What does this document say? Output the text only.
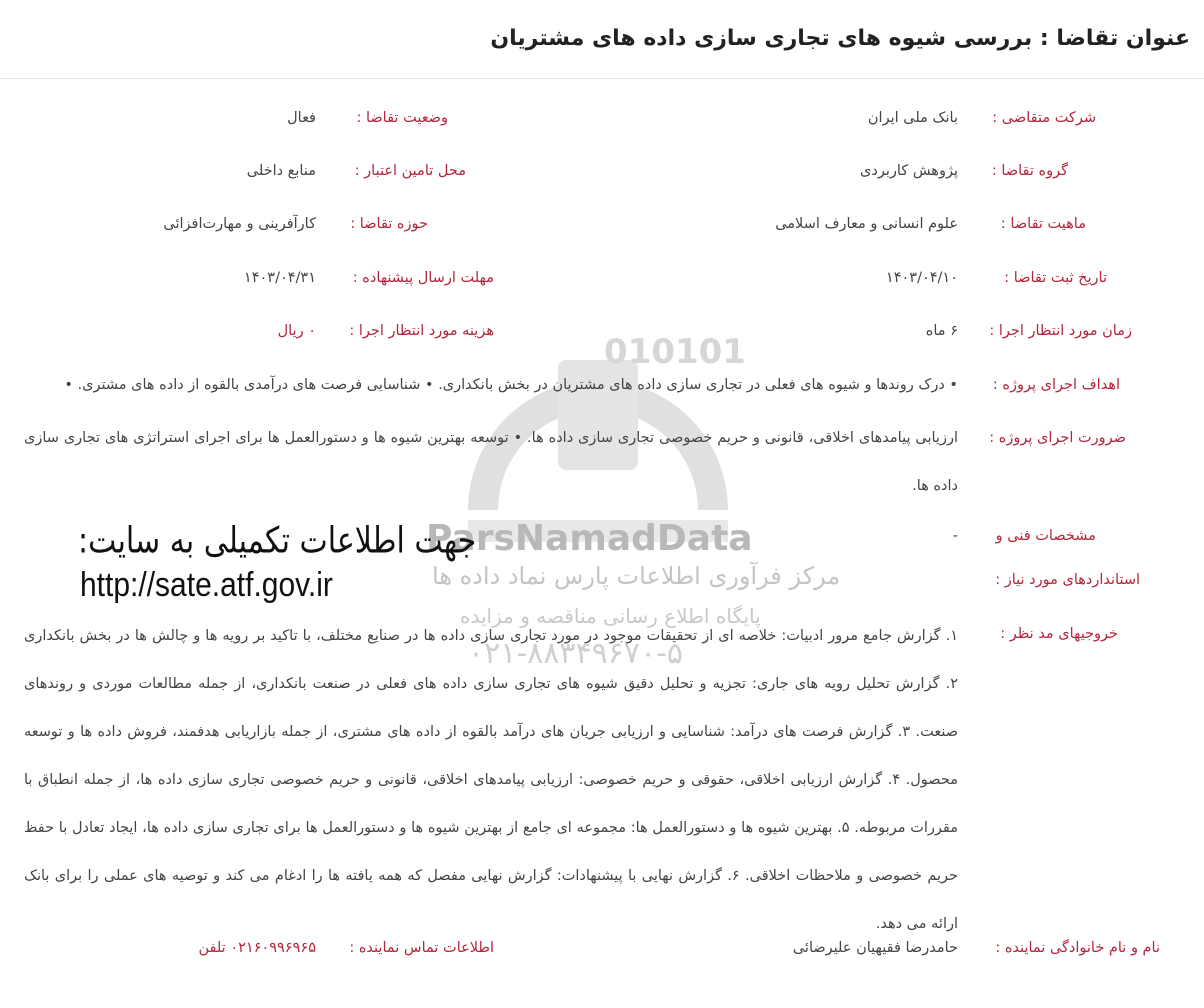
عنوان تقاضا : بررسی شیوه های تجاری سازی داده های مشتریان
ParsNamadData
مرکز فرآوری اطلاعات پارس نماد داده ها
پایگاه اطلاع رسانی مناقصه و مزایده
۰۲۱-۸۸۳۴۹۶۷۰-۵
010101
شرکت متقاضی :
بانک ملی ایران
وضعیت تقاضا :
فعال
گروه تقاضا :
پژوهش کاربردی
محل تامین اعتبار :
منابع داخلی
ماهیت تقاضا :
علوم انسانی و معارف اسلامی
حوزه تقاضا :
کارآفرینی و مهارت‌افزائی
تاریخ ثبت تقاضا :
۱۴۰۳/۰۴/۱۰
مهلت ارسال پیشنهاده :
۱۴۰۳/۰۴/۳۱
زمان مورد انتظار اجرا :
۶ ماه
هزینه مورد انتظار اجرا :
۰ ریال
اهداف اجرای پروژه :
• درک روندها و شیوه های فعلی در تجاری سازی داده های مشتریان در بخش بانکداری. • شناسایی فرصت های درآمدی بالقوه از داده های مشتری. •
ضرورت اجرای پروژه :
ارزیابی پیامدهای اخلاقی، قانونی و حریم خصوصی تجاری سازی داده ها. • توسعه بهترین شیوه ها و دستورالعمل ها برای اجرای استراتژی های تجاری سازی داده ها.
مشخصات فنی و
استانداردهای مورد نیاز :
-
جهت اطلاعات تکمیلی به سایت:
http://sate.atf.gov.ir
خروجیهای مد نظر :
۱. گزارش جامع مرور ادبیات: خلاصه ای از تحقیقات موجود در مورد تجاری سازی داده ها در صنایع مختلف، با تاکید بر رویه ها و چالش ها در بخش بانکداری ۲. گزارش تحلیل رویه های جاری: تجزیه و تحلیل دقیق شیوه های تجاری سازی داده های فعلی در صنعت بانکداری، از جمله مطالعات موردی و روندهای صنعت. ۳. گزارش فرصت های درآمد: شناسایی و ارزیابی جریان های درآمد بالقوه از داده های مشتری، از جمله بازاریابی هدفمند، فروش داده ها و توسعه محصول. ۴. گزارش ارزیابی اخلاقی، حقوقی و حریم خصوصی: ارزیابی پیامدهای اخلاقی، قانونی و حریم خصوصی تجاری سازی داده ها، از جمله انطباق با مقررات مربوطه. ۵. بهترین شیوه ها و دستورالعمل ها: مجموعه ای جامع از بهترین شیوه ها و دستورالعمل ها برای تجاری سازی داده ها، ایجاد تعادل با حفظ حریم خصوصی و ملاحظات اخلاقی. ۶. گزارش نهایی با پیشنهادات: گزارش نهایی مفصل که همه یافته ها را ادغام می کند و توصیه های عملی را برای بانک ارائه می دهد.
نام و نام خانوادگی نماینده :
حامدرضا فقیهیان علیرضائی
اطلاعات تماس نماینده :
۰۲۱۶۰۹۹۶۹۶۵ تلفن
